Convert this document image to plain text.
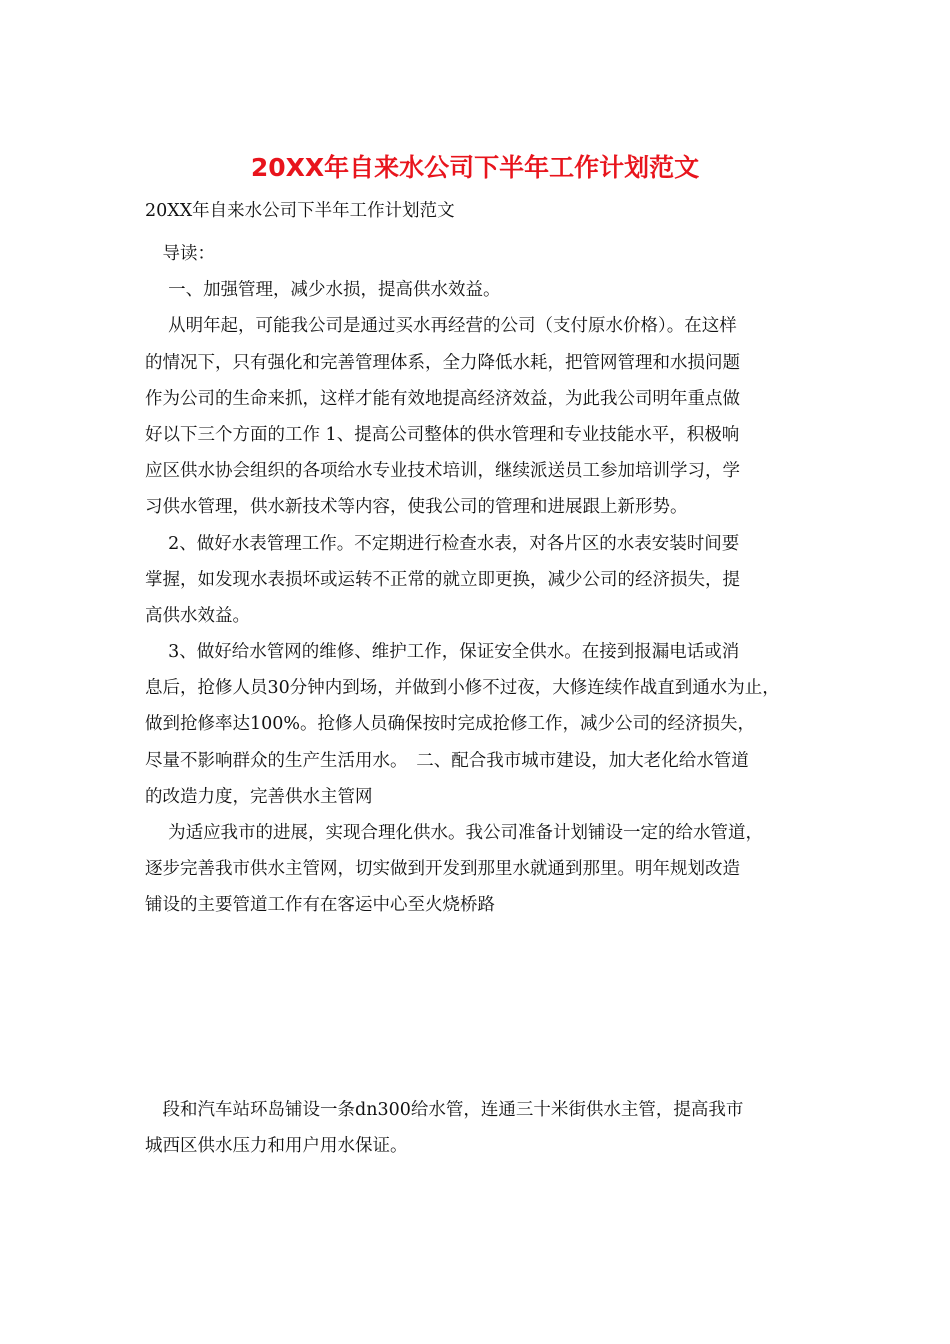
20XX年自来水公司下半年工作计划范文

20XX年自来水公司下半年工作计划范文

　导读：
　 一、加强管理，减少水损，提高供水效益。
　 从明年起，可能我公司是通过买水再经营的公司（支付原水价格）。在这样
的情况下，只有强化和完善管理体系，全力降低水耗，把管网管理和水损问题
作为公司的生命来抓，这样才能有效地提高经济效益，为此我公司明年重点做
好以下三个方面的工作 1、提高公司整体的供水管理和专业技能水平，积极响
应区供水协会组织的各项给水专业技术培训，继续派送员工参加培训学习，学
习供水管理，供水新技术等内容，使我公司的管理和进展跟上新形势。
　 2、做好水表管理工作。不定期进行检查水表，对各片区的水表安装时间要
掌握，如发现水表损坏或运转不正常的就立即更换，减少公司的经济损失，提
高供水效益。
　 3、做好给水管网的维修、维护工作，保证安全供水。在接到报漏电话或消
息后，抢修人员30分钟内到场，并做到小修不过夜，大修连续作战直到通水为止，
做到抢修率达100%。抢修人员确保按时完成抢修工作，减少公司的经济损失，
尽量不影响群众的生产生活用水。　二、配合我市城市建设，加大老化给水管道
的改造力度，完善供水主管网
　 为适应我市的进展，实现合理化供水。我公司准备计划铺设一定的给水管道，
逐步完善我市供水主管网，切实做到开发到那里水就通到那里。明年规划改造
铺设的主要管道工作有在客运中心至火烧桥路
　段和汽车站环岛铺设一条dn300给水管，连通三十米街供水主管，提高我市
城西区供水压力和用户用水保证。
